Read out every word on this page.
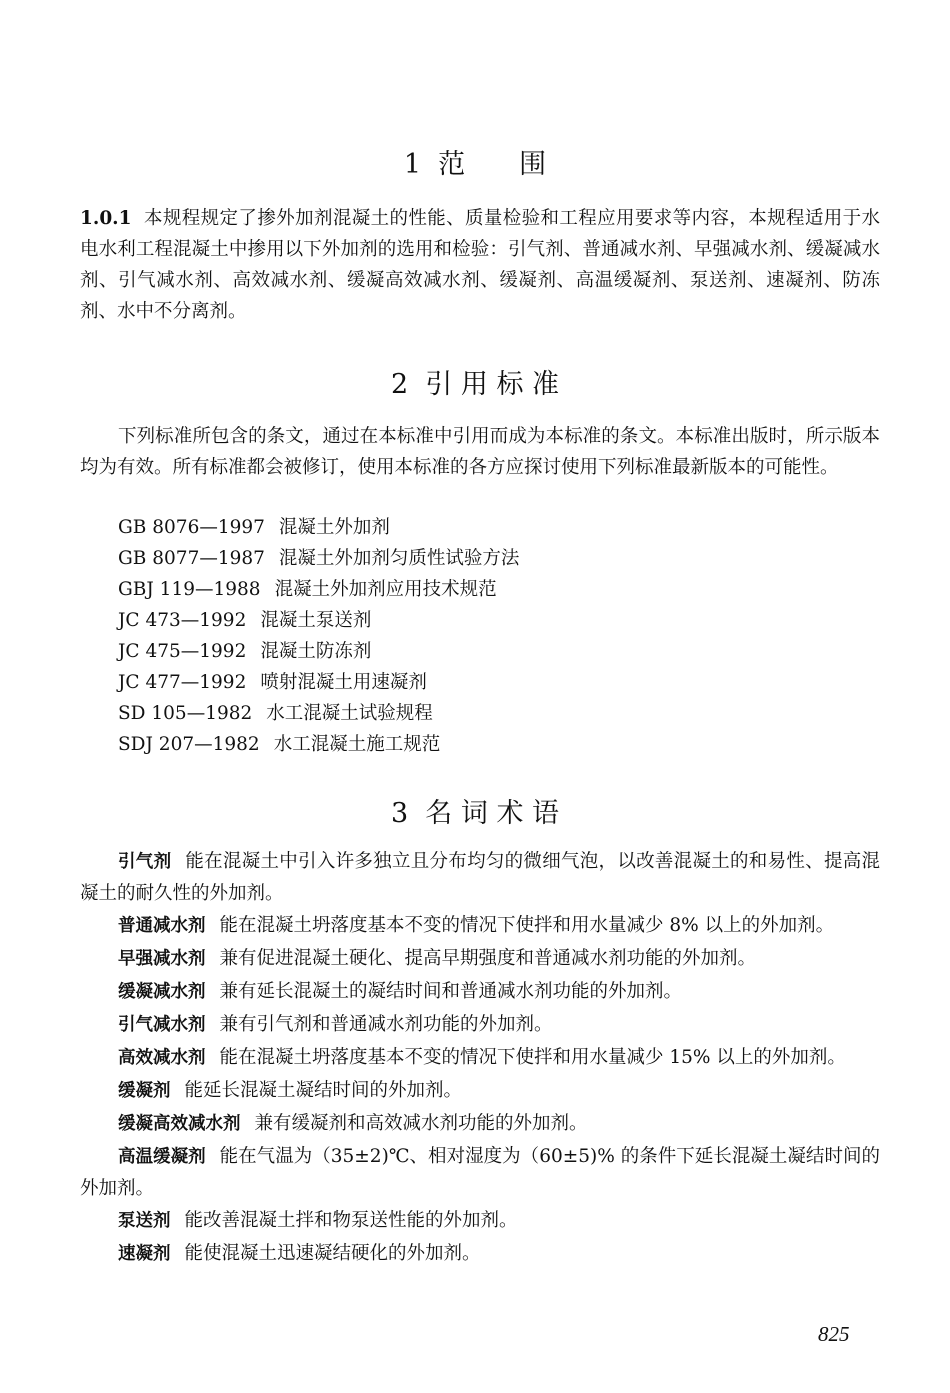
1 范　　围

1.0.1 本规程规定了掺外加剂混凝土的性能、质量检验和工程应用要求等内容，本规程适用于水电水利工程混凝土中掺用以下外加剂的选用和检验：引气剂、普通减水剂、早强减水剂、缓凝减水剂、引气减水剂、高效减水剂、缓凝高效减水剂、缓凝剂、高温缓凝剂、泵送剂、速凝剂、防冻剂、水中不分离剂。

2 引 用 标 准

下列标准所包含的条文，通过在本标准中引用而成为本标准的条文。本标准出版时，所示版本均为有效。所有标准都会被修订，使用本标准的各方应探讨使用下列标准最新版本的可能性。

GB 8076—1997 混凝土外加剂
GB 8077—1987 混凝土外加剂匀质性试验方法
GBJ 119—1988 混凝土外加剂应用技术规范
JC 473—1992 混凝土泵送剂
JC 475—1992 混凝土防冻剂
JC 477—1992 喷射混凝土用速凝剂
SD 105—1982 水工混凝土试验规程
SDJ 207—1982 水工混凝土施工规范
3 名 词 术 语

引气剂 能在混凝土中引入许多独立且分布均匀的微细气泡，以改善混凝土的和易性、提高混凝土的耐久性的外加剂。

普通减水剂 能在混凝土坍落度基本不变的情况下使拌和用水量减少 8% 以上的外加剂。

早强减水剂 兼有促进混凝土硬化、提高早期强度和普通减水剂功能的外加剂。

缓凝减水剂 兼有延长混凝土的凝结时间和普通减水剂功能的外加剂。

引气减水剂 兼有引气剂和普通减水剂功能的外加剂。

高效减水剂 能在混凝土坍落度基本不变的情况下使拌和用水量减少 15% 以上的外加剂。

缓凝剂 能延长混凝土凝结时间的外加剂。

缓凝高效减水剂 兼有缓凝剂和高效减水剂功能的外加剂。

高温缓凝剂 能在气温为（35±2)℃、相对湿度为（60±5)% 的条件下延长混凝土凝结时间的外加剂。

泵送剂 能改善混凝土拌和物泵送性能的外加剂。

速凝剂 能使混凝土迅速凝结硬化的外加剂。

825
